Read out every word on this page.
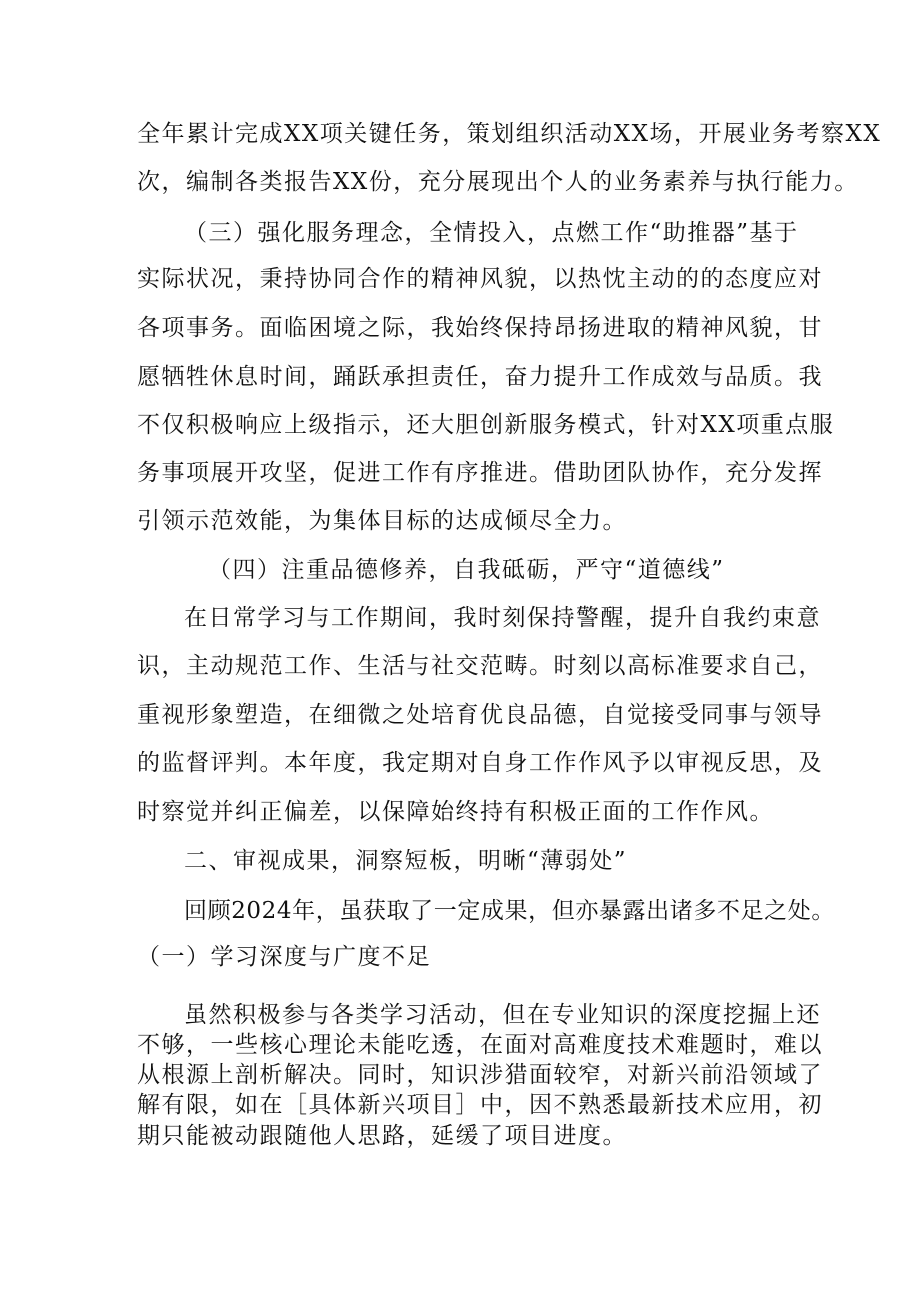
全年累计完成XX项关键任务，策划组织活动XX场，开展业务考察XX
次，编制各类报告XX份，充分展现出个人的业务素养与执行能力。
（三）强化服务理念，全情投入，点燃工作“助推器”基于
实际状况，秉持协同合作的精神风貌，以热忱主动的的态度应对
各项事务。面临困境之际，我始终保持昂扬进取的精神风貌，甘
愿牺牲休息时间，踊跃承担责任，奋力提升工作成效与品质。我
不仅积极响应上级指示，还大胆创新服务模式，针对XX项重点服
务事项展开攻坚，促进工作有序推进。借助团队协作，充分发挥
引领示范效能，为集体目标的达成倾尽全力。
（四）注重品德修养，自我砥砺，严守“道德线”
在日常学习与工作期间，我时刻保持警醒，提升自我约束意
识，主动规范工作、生活与社交范畴。时刻以高标准要求自己，
重视形象塑造，在细微之处培育优良品德，自觉接受同事与领导
的监督评判。本年度，我定期对自身工作作风予以审视反思，及
时察觉并纠正偏差，以保障始终持有积极正面的工作作风。
二、审视成果，洞察短板，明晰“薄弱处”
回顾2024年，虽获取了一定成果，但亦暴露出诸多不足之处。
（一）学习深度与广度不足
虽然积极参与各类学习活动，但在专业知识的深度挖掘上还
不够，一些核心理论未能吃透，在面对高难度技术难题时，难以
从根源上剖析解决。同时，知识涉猎面较窄，对新兴前沿领域了
解有限，如在［具体新兴项目］中，因不熟悉最新技术应用，初
期只能被动跟随他人思路，延缓了项目进度。
